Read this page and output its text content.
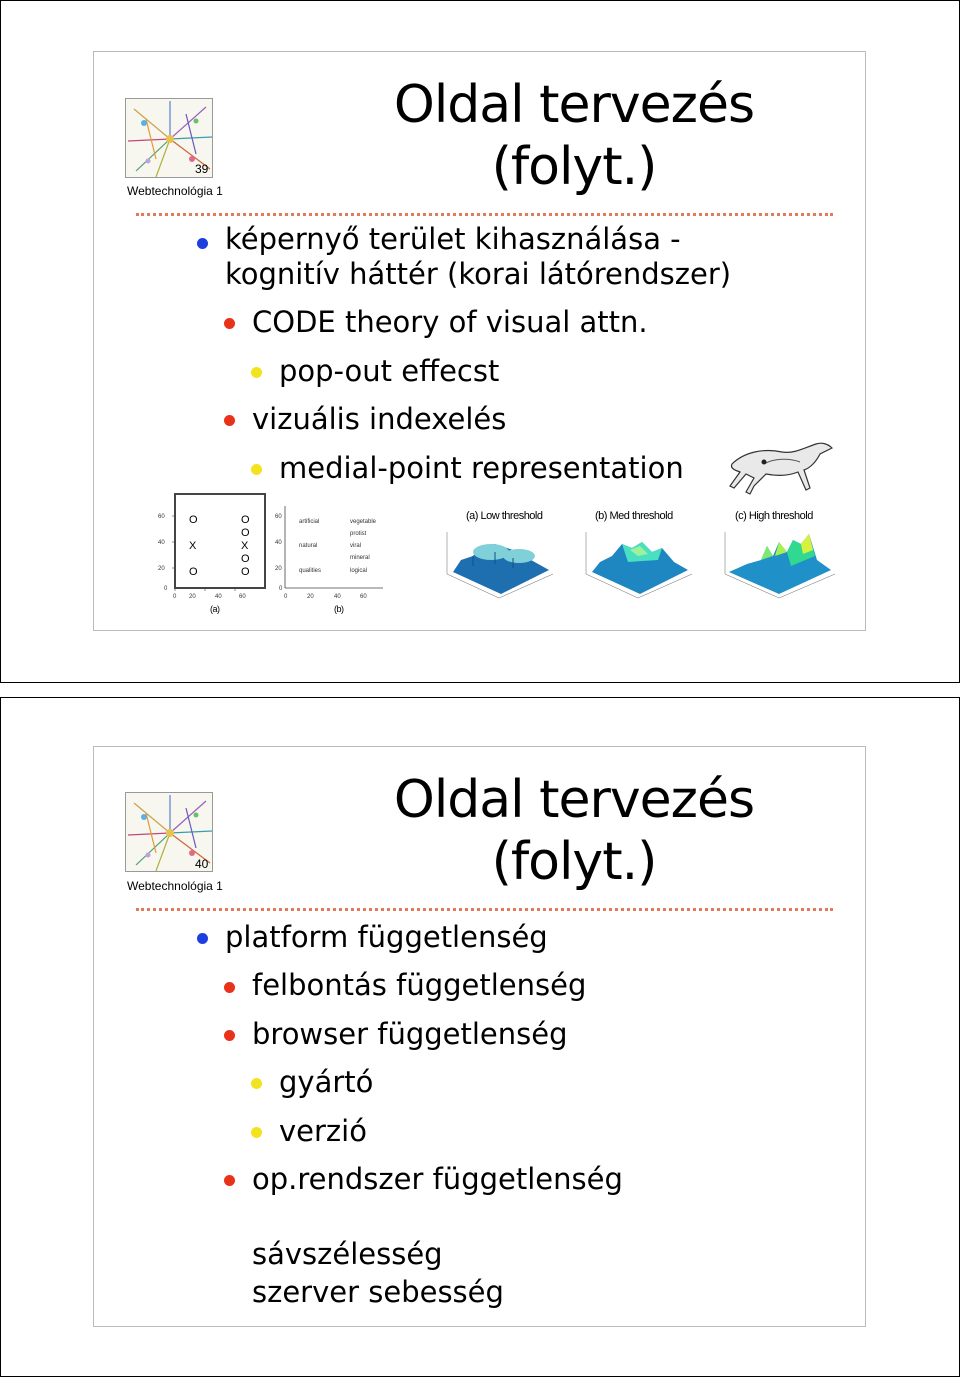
39
Webtechnológia 1
Oldal tervezés
(folyt.)
képernyő terület kihasználása -
kognitív háttér (korai látórendszer)
CODE theory of visual attn.
pop-out effecst
vizuális indexelés
medial-point representation
60
40
20
0
0 20	40	60
O	O
X	X
O
O
O	O
(a)
60
40
20
0
0	20	40	60
artificial	vegetable
protist
natural	viral
mineral
qualities	logical
(b)
(a) Low threshold	(b) Med threshold	(c) High threshold
40
Webtechnológia 1
Oldal tervezés
(folyt.)
platform függetlenség
felbontás függetlenség
browser függetlenség
gyártó
verzió
op.rendszer függetlenség
sávszélesség
szerver sebesség
